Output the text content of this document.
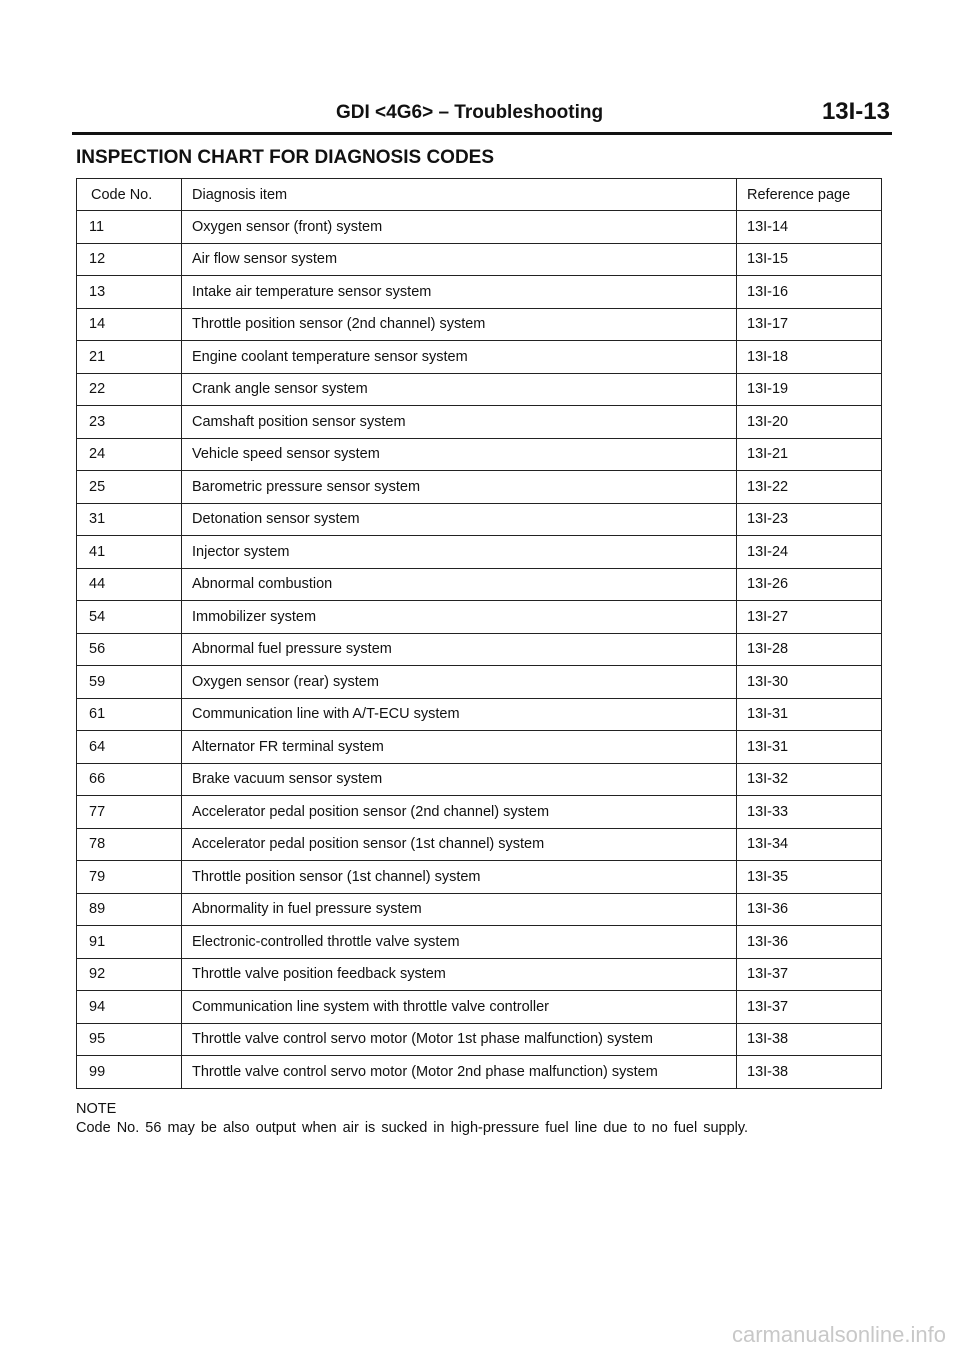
GDI <4G6> – Troubleshooting	13I-13
INSPECTION CHART FOR DIAGNOSIS CODES
Code No.	Diagnosis item	Reference page
11	Oxygen sensor (front) system	13I-14
12	Air flow sensor system	13I-15
13	Intake air temperature sensor system	13I-16
14	Throttle position sensor (2nd channel) system	13I-17
21	Engine coolant temperature sensor system	13I-18
22	Crank angle sensor system	13I-19
23	Camshaft position sensor system	13I-20
24	Vehicle speed sensor system	13I-21
25	Barometric pressure sensor system	13I-22
31	Detonation sensor system	13I-23
41	Injector system	13I-24
44	Abnormal combustion	13I-26
54	Immobilizer system	13I-27
56	Abnormal fuel pressure system	13I-28
59	Oxygen sensor (rear) system	13I-30
61	Communication line with A/T-ECU system	13I-31
64	Alternator FR terminal system	13I-31
66	Brake vacuum sensor system	13I-32
77	Accelerator pedal position sensor (2nd channel) system	13I-33
78	Accelerator pedal position sensor (1st channel) system	13I-34
79	Throttle position sensor (1st channel) system	13I-35
89	Abnormality in fuel pressure system	13I-36
91	Electronic-controlled throttle valve system	13I-36
92	Throttle valve position feedback system	13I-37
94	Communication line system with throttle valve controller	13I-37
95	Throttle valve control servo motor (Motor 1st phase malfunction) system	13I-38
99	Throttle valve control servo motor (Motor 2nd phase malfunction) system	13I-38
NOTE
Code No. 56 may be also output when air is sucked in high-pressure fuel line due to no fuel supply.
carmanualsonline.info
